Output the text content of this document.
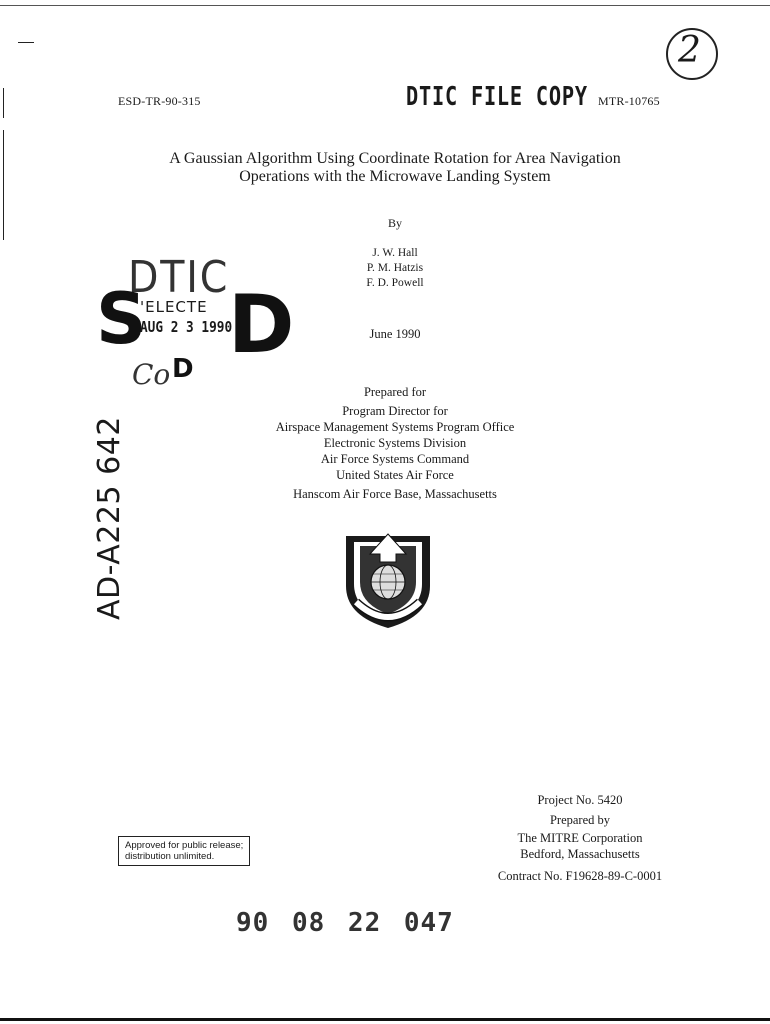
ESD-TR-90-315	DTIC FILE COPY MTR-10765
2
A Gaussian Algorithm Using Coordinate Rotation for Area Navigation
Operations with the Microwave Landing System
By
J. W. Hall
P. M. Hatzis
F. D. Powell
June 1990
DTIC
'ELECTE
AUG 2 3 1990
S D
Co D
AD-A225 642
Prepared for
Program Director for
Airspace Management Systems Program Office
Electronic Systems Division
Air Force Systems Command
United States Air Force
Hanscom Air Force Base, Massachusetts
Approved for public release;
distribution unlimited.
Project No. 5420
Prepared by
The MITRE Corporation
Bedford, Massachusetts
Contract No. F19628-89-C-0001
90 08 22 047
